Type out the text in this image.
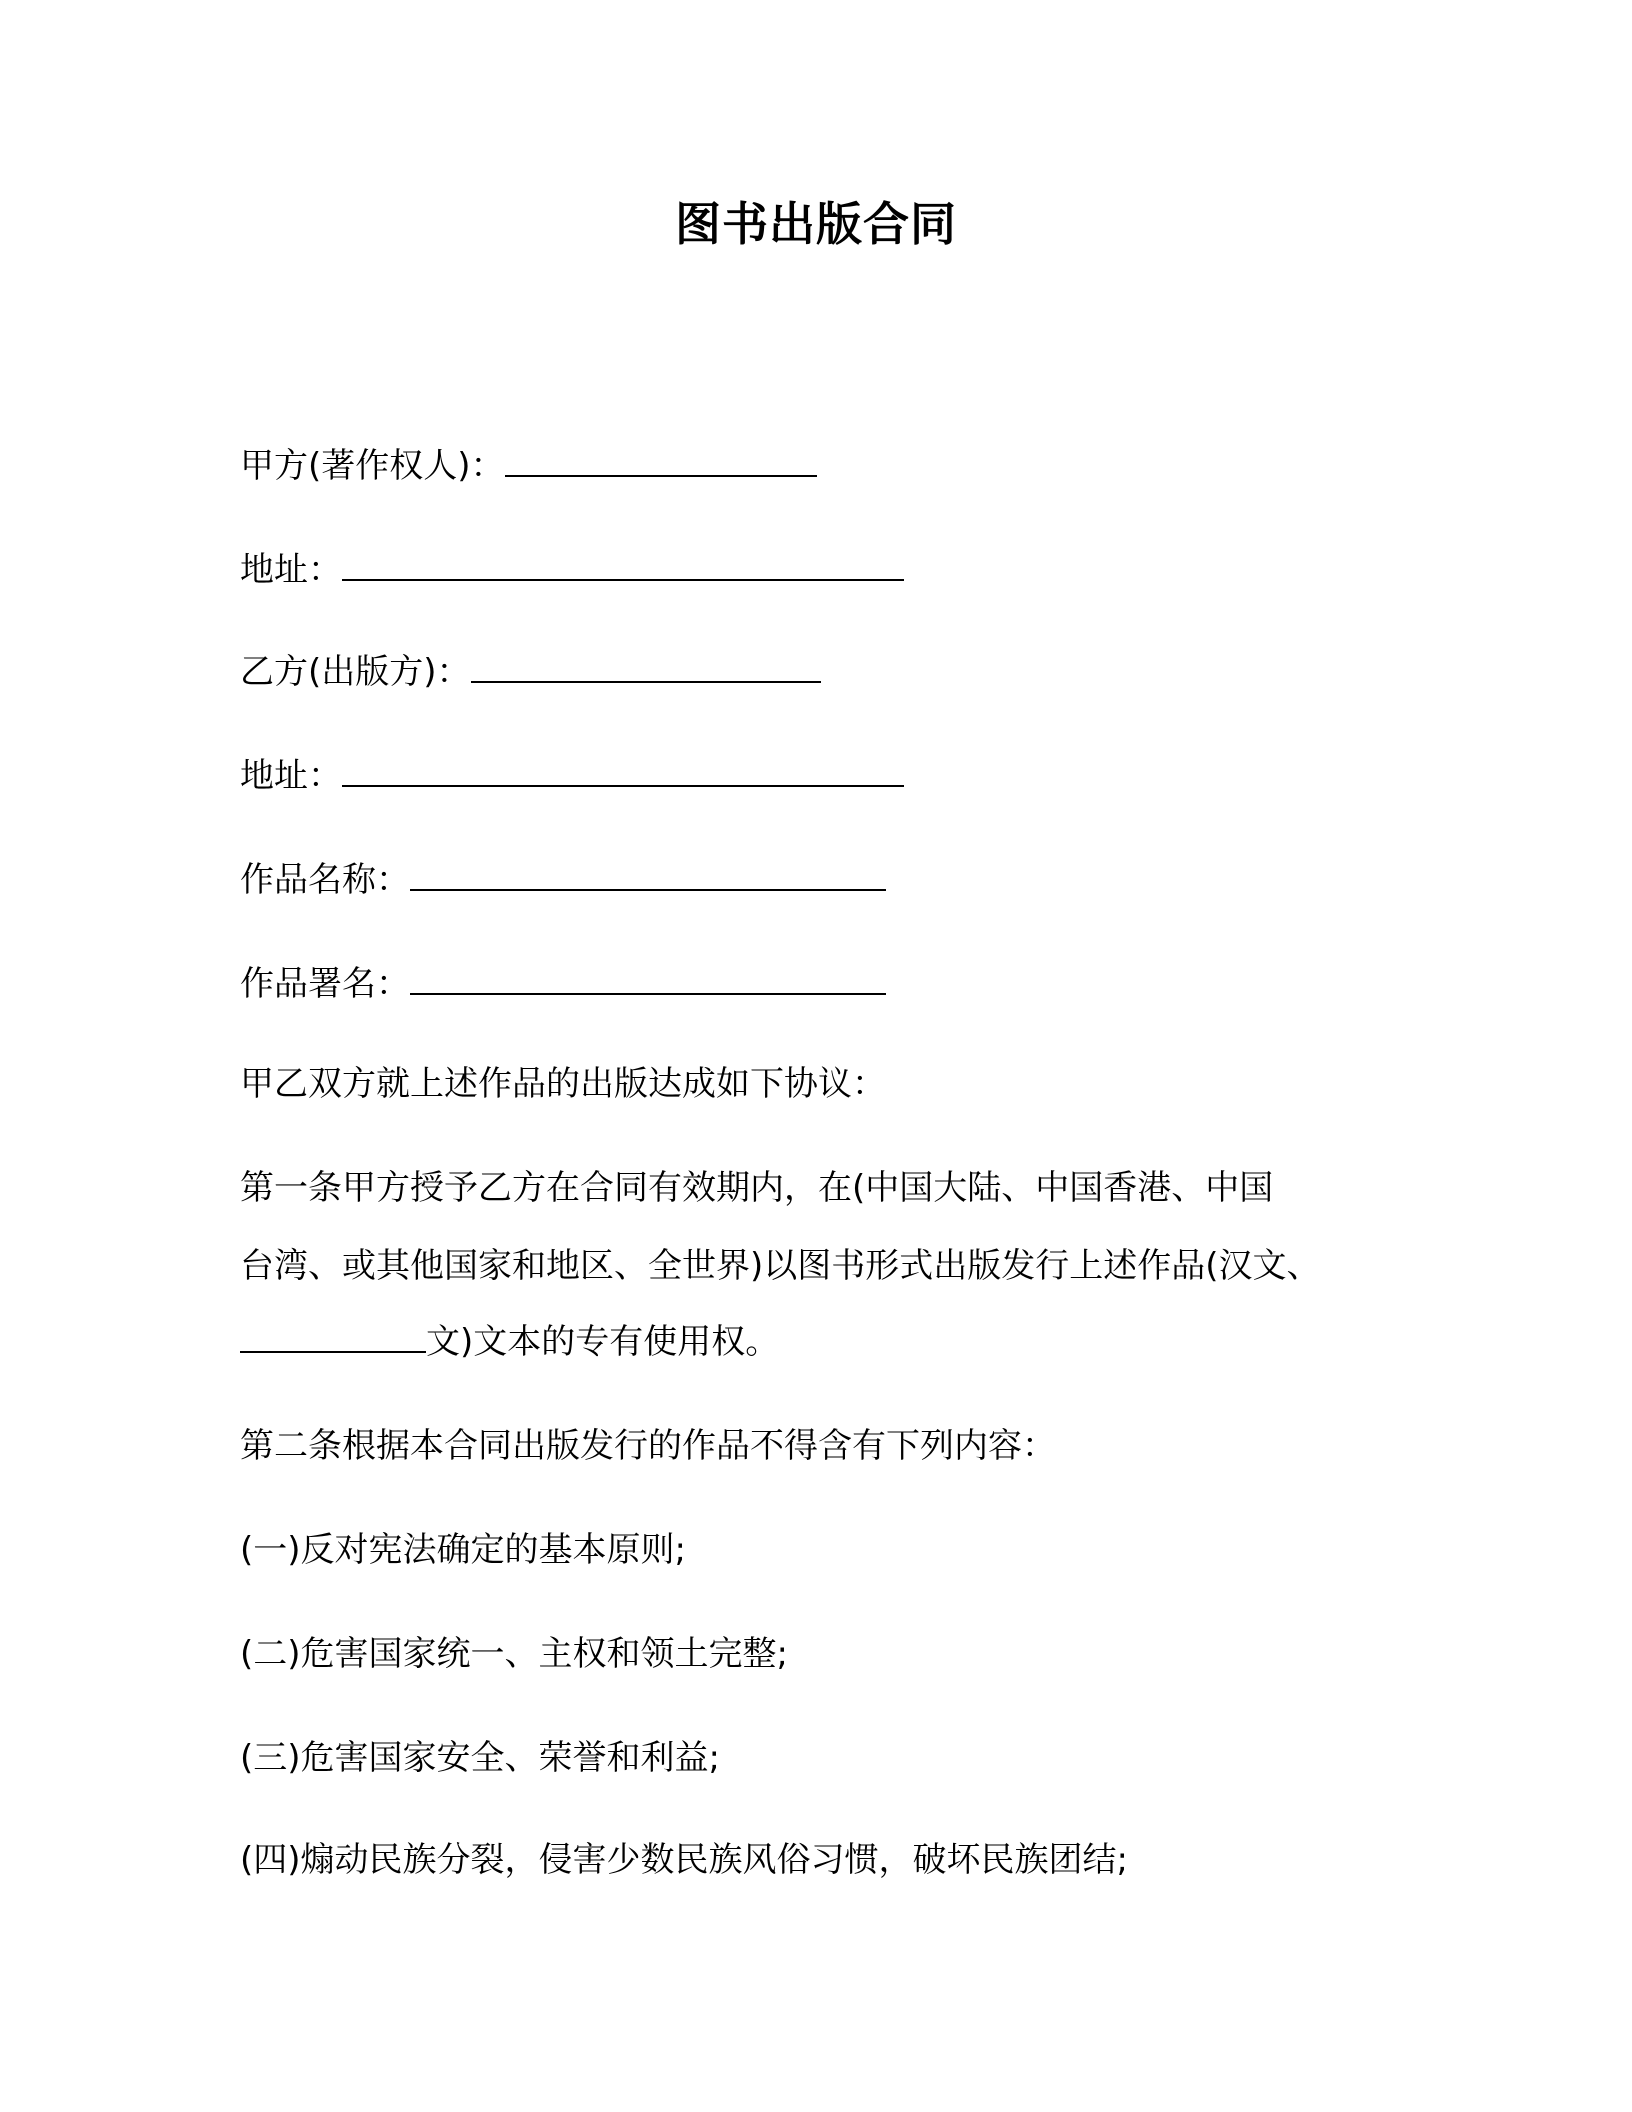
图书出版合同
甲方(著作权人)：
地址：
乙方(出版方)：
地址：
作品名称：
作品署名：
甲乙双方就上述作品的出版达成如下协议：
第一条甲方授予乙方在合同有效期内，在(中国大陆、中国香港、中国
台湾、或其他国家和地区、全世界)以图书形式出版发行上述作品(汉文、
文)文本的专有使用权。
第二条根据本合同出版发行的作品不得含有下列内容：
(一)反对宪法确定的基本原则;
(二)危害国家统一、主权和领土完整;
(三)危害国家安全、荣誉和利益;
(四)煽动民族分裂，侵害少数民族风俗习惯，破坏民族团结;
